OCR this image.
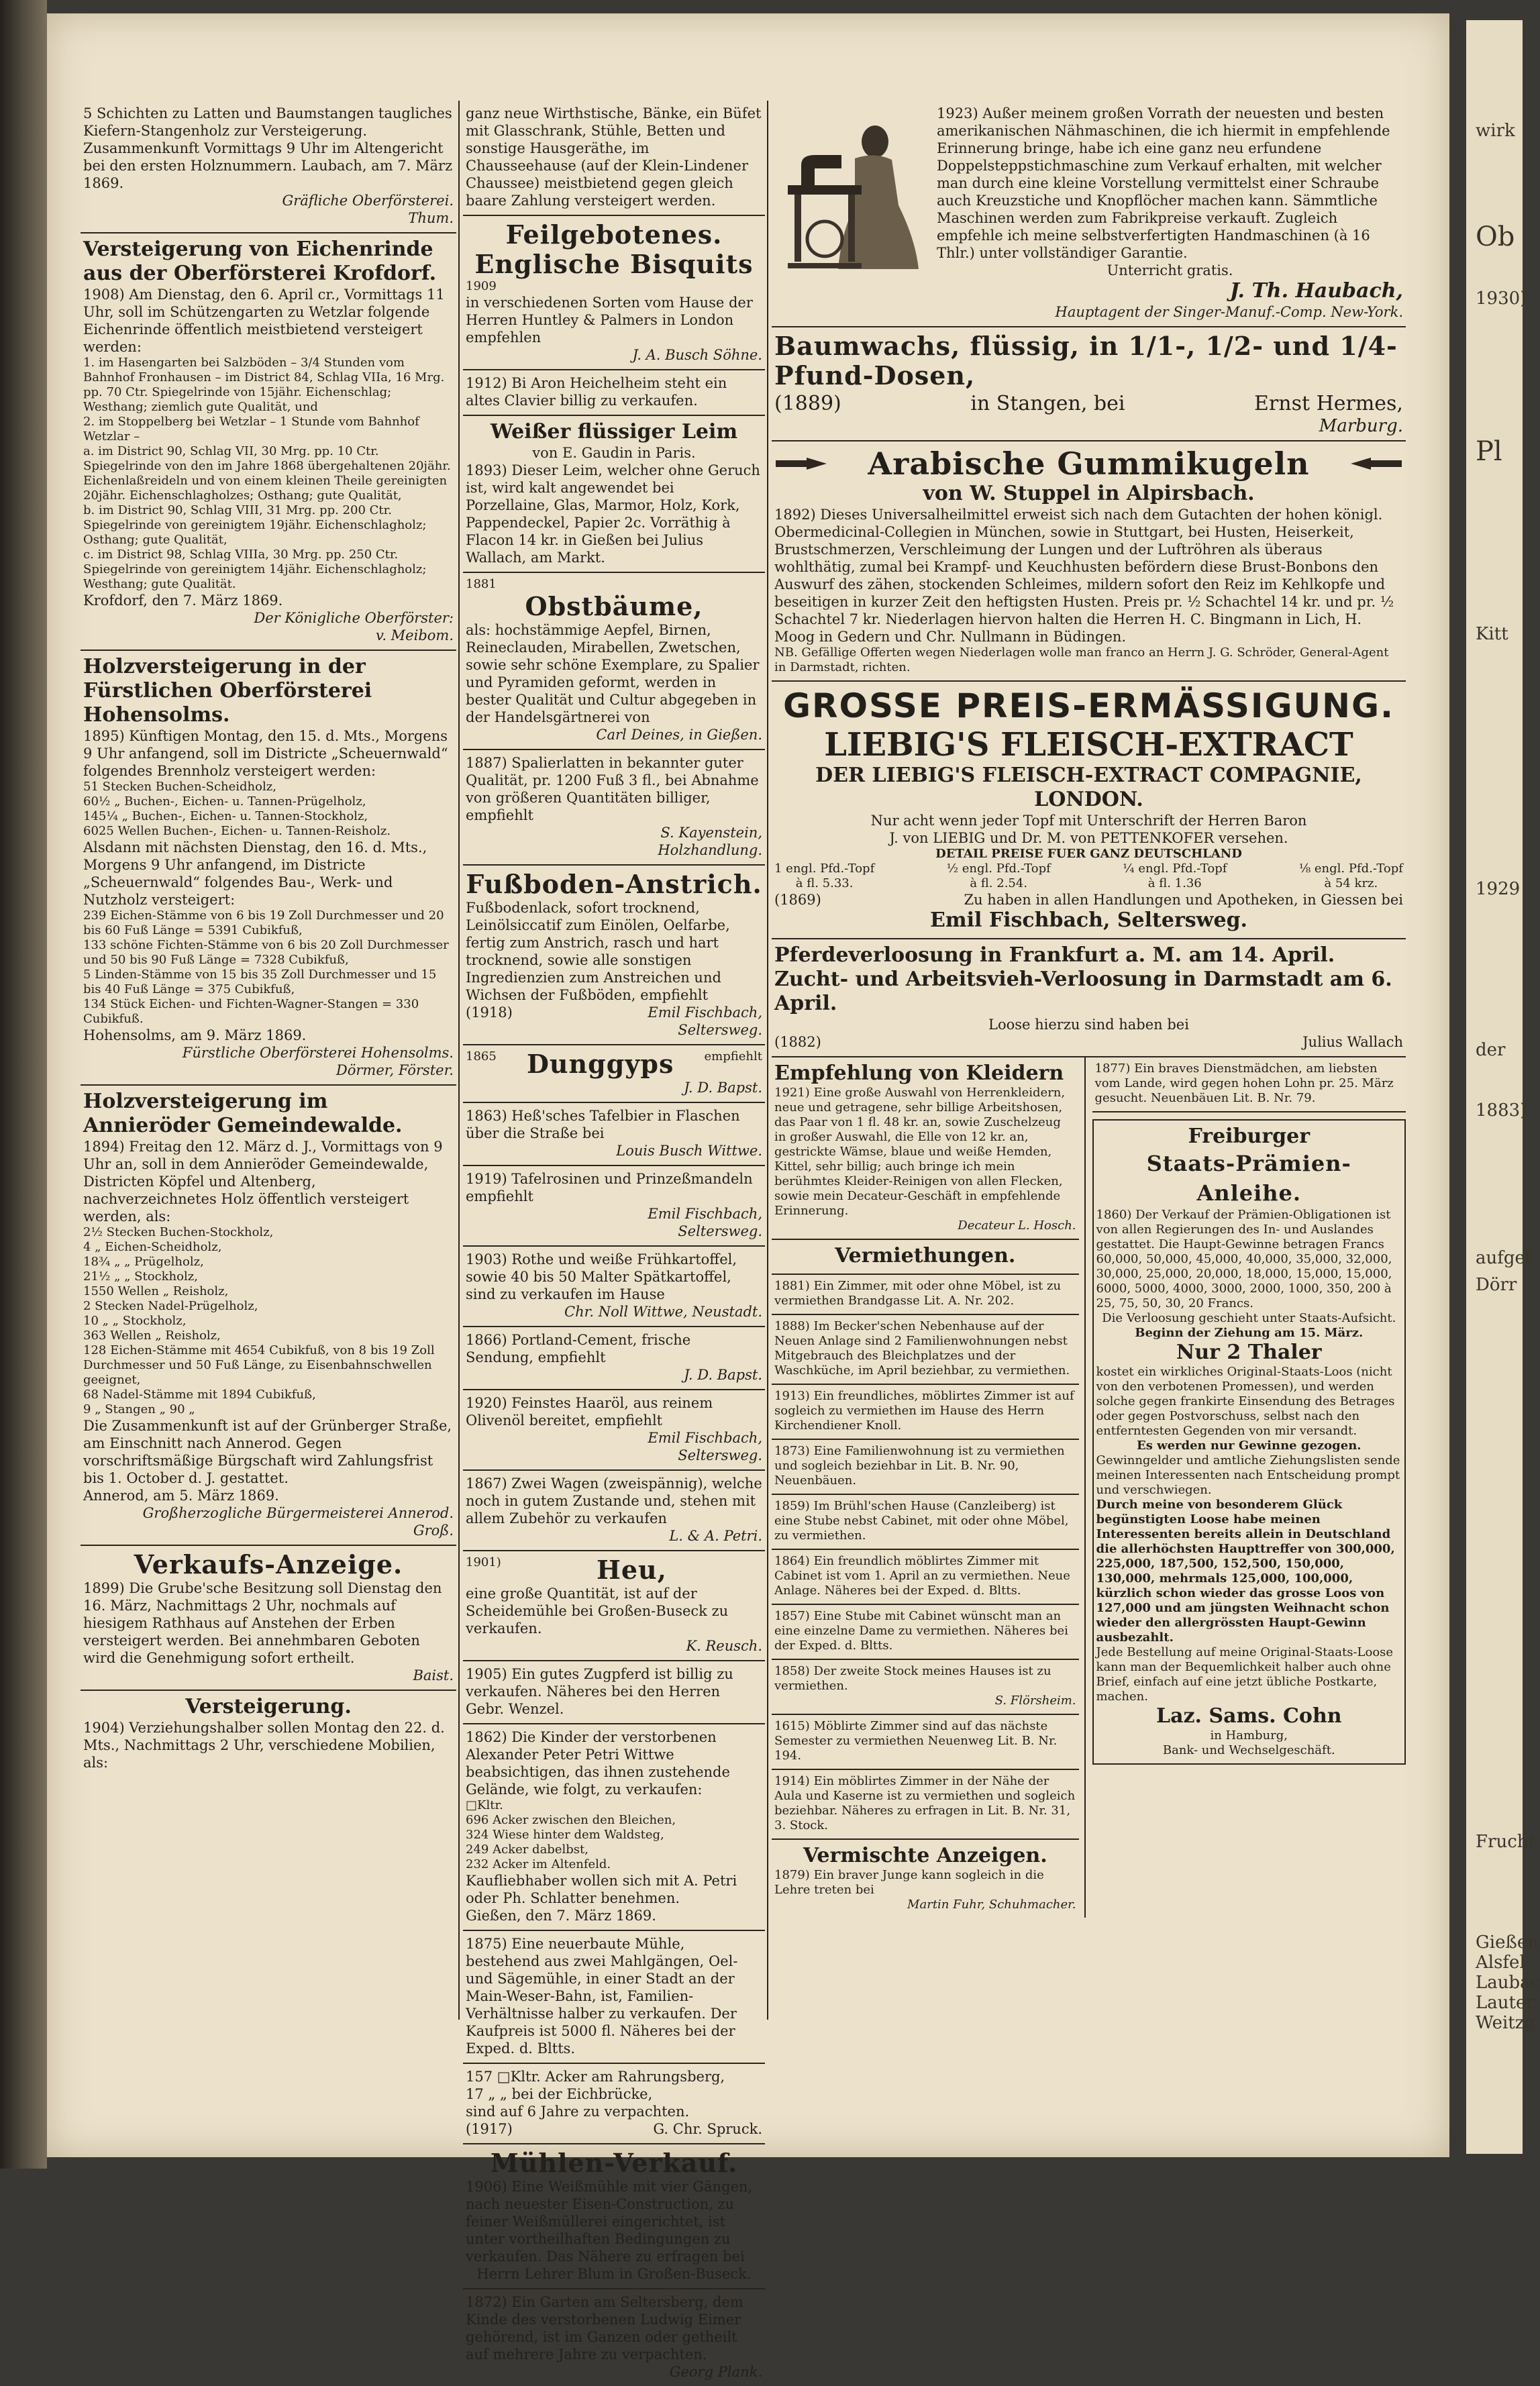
5 Schichten zu Latten und Baumstangen taugliches Kiefern-Stangenholz zur Versteigerung. Zusammenkunft Vormittags 9 Uhr im Altengericht bei den ersten Holznummern. Laubach, am 7. März 1869.

Gräfliche Oberförsterei.

Thum.

Versteigerung von Eichenrinde aus der Oberförsterei Krofdorf.

1908) Am Dienstag, den 6. April cr., Vormittags 11 Uhr, soll im Schützengarten zu Wetzlar folgende Eichenrinde öffentlich meistbietend versteigert werden:

1. im Hasengarten bei Salzböden – 3/4 Stunden vom Bahnhof Fronhausen – im District 84, Schlag VIIa, 16 Mrg. pp. 70 Ctr. Spiegelrinde von 15jähr. Eichenschlag; Westhang; ziemlich gute Qualität, und

2. im Stoppelberg bei Wetzlar – 1 Stunde vom Bahnhof Wetzlar –

a. im District 90, Schlag VII, 30 Mrg. pp. 10 Ctr. Spiegelrinde von den im Jahre 1868 übergehaltenen 20jähr. Eichenlaßreideln und von einem kleinen Theile gereinigten 20jähr. Eichenschlagholzes; Osthang; gute Qualität,

b. im District 90, Schlag VIII, 31 Mrg. pp. 200 Ctr. Spiegelrinde von gereinigtem 19jähr. Eichenschlagholz; Osthang; gute Qualität,

c. im District 98, Schlag VIIIa, 30 Mrg. pp. 250 Ctr. Spiegelrinde von gereinigtem 14jähr. Eichenschlagholz; Westhang; gute Qualität.

Krofdorf, den 7. März 1869.

Der Königliche Oberförster:

v. Meibom.

Holzversteigerung in der Fürstlichen Oberförsterei Hohensolms.

1895) Künftigen Montag, den 15. d. Mts., Morgens 9 Uhr anfangend, soll im Districte „Scheuernwald“ folgendes Brennholz versteigert werden:

51 Stecken Buchen-Scheidholz,

60½ „ Buchen-, Eichen- u. Tannen-Prügelholz,

145¼ „ Buchen-, Eichen- u. Tannen-Stockholz,

6025 Wellen Buchen-, Eichen- u. Tannen-Reisholz.

Alsdann mit nächsten Dienstag, den 16. d. Mts., Morgens 9 Uhr anfangend, im Districte „Scheuernwald“ folgendes Bau-, Werk- und Nutzholz versteigert:

239 Eichen-Stämme von 6 bis 19 Zoll Durchmesser und 20 bis 60 Fuß Länge = 5391 Cubikfuß,

133 schöne Fichten-Stämme von 6 bis 20 Zoll Durchmesser und 50 bis 90 Fuß Länge = 7328 Cubikfuß,

5 Linden-Stämme von 15 bis 35 Zoll Durchmesser und 15 bis 40 Fuß Länge = 375 Cubikfuß,

134 Stück Eichen- und Fichten-Wagner-Stangen = 330 Cubikfuß.

Hohensolms, am 9. März 1869.

Fürstliche Oberförsterei Hohensolms.

Dörmer, Förster.

Holzversteigerung im Annieröder Gemeindewalde.

1894) Freitag den 12. März d. J., Vormittags von 9 Uhr an, soll in dem Annieröder Gemeindewalde, Districten Köpfel und Altenberg, nachverzeichnetes Holz öffentlich versteigert werden, als:

2½ Stecken Buchen-Stockholz,

4 „ Eichen-Scheidholz,

18¾ „ „ Prügelholz,

21½ „ „ Stockholz,

1550 Wellen „ Reisholz,

2 Stecken Nadel-Prügelholz,

10 „ „ Stockholz,

363 Wellen „ Reisholz,

128 Eichen-Stämme mit 4654 Cubikfuß, von 8 bis 19 Zoll Durchmesser und 50 Fuß Länge, zu Eisenbahnschwellen geeignet,

68 Nadel-Stämme mit 1894 Cubikfuß,

9 „ Stangen „ 90 „

Die Zusammenkunft ist auf der Grünberger Straße, am Einschnitt nach Annerod. Gegen vorschriftsmäßige Bürgschaft wird Zahlungsfrist bis 1. October d. J. gestattet.

Annerod, am 5. März 1869.

Großherzogliche Bürgermeisterei Annerod.

Groß.

Verkaufs-Anzeige.

1899) Die Grube'sche Besitzung soll Dienstag den 16. März, Nachmittags 2 Uhr, nochmals auf hiesigem Rathhaus auf Anstehen der Erben versteigert werden. Bei annehmbaren Geboten wird die Genehmigung sofort ertheilt.

Baist.

Versteigerung.

1904) Verziehungshalber sollen Montag den 22. d. Mts., Nachmittags 2 Uhr, verschiedene Mobilien, als:

ganz neue Wirthstische, Bänke, ein Büfet mit Glasschrank, Stühle, Betten und sonstige Hausgeräthe, im Chausseehause (auf der Klein-Lindener Chaussee) meistbietend gegen gleich baare Zahlung versteigert werden.

Feilgebotenes.

Englische Bisquits

1909

in verschiedenen Sorten vom Hause der Herren Huntley & Palmers in London empfehlen

J. A. Busch Söhne.

1912) Bi Aron Heichelheim steht ein altes Clavier billig zu verkaufen.

Weißer flüssiger Leim

von E. Gaudin in Paris.

1893) Dieser Leim, welcher ohne Geruch ist, wird kalt angewendet bei Porzellaine, Glas, Marmor, Holz, Kork, Pappendeckel, Papier 2c. Vorräthig à Flacon 14 kr. in Gießen bei Julius Wallach, am Markt.

1881

Obstbäume,

als: hochstämmige Aepfel, Birnen, Reineclauden, Mirabellen, Zwetschen, sowie sehr schöne Exemplare, zu Spalier und Pyramiden geformt, werden in bester Qualität und Cultur abgegeben in der Handelsgärtnerei von

Carl Deines, in Gießen.

1887) Spalierlatten in bekannter guter Qualität, pr. 1200 Fuß 3 fl., bei Abnahme von größeren Quantitäten billiger, empfiehlt

S. Kayenstein,

Holzhandlung.

Fußboden-Anstrich.

Fußbodenlack, sofort trocknend, Leinölsiccatif zum Einölen, Oelfarbe, fertig zum Anstrich, rasch und hart trocknend, sowie alle sonstigen Ingredienzien zum Anstreichen und Wichsen der Fußböden, empfiehlt

(1918)	Emil Fischbach,

Seltersweg.

1865 Dunggyps	empfiehlt

J. D. Bapst.

1863) Heß'sches Tafelbier in Flaschen über die Straße bei

Louis Busch Wittwe.

1919) Tafelrosinen und Prinzeßmandeln empfiehlt

Emil Fischbach,

Seltersweg.

1903) Rothe und weiße Frühkartoffel, sowie 40 bis 50 Malter Spätkartoffel, sind zu verkaufen im Hause

Chr. Noll Wittwe, Neustadt.

1866) Portland-Cement, frische Sendung, empfiehlt

J. D. Bapst.

1920) Feinstes Haaröl, aus reinem Olivenöl bereitet, empfiehlt

Emil Fischbach,

Seltersweg.

1867) Zwei Wagen (zweispännig), welche noch in gutem Zustande und, stehen mit allem Zubehör zu verkaufen

L. & A. Petri.

1901)	Heu,

eine große Quantität, ist auf der Scheidemühle bei Großen-Buseck zu verkaufen.

K. Reusch.

1905) Ein gutes Zugpferd ist billig zu verkaufen. Näheres bei den Herren Gebr. Wenzel.

1862) Die Kinder der verstorbenen Alexander Peter Petri Wittwe beabsichtigen, das ihnen zustehende Gelände, wie folgt, zu verkaufen:

□Kltr.

696 Acker zwischen den Bleichen,

324 Wiese hinter dem Waldsteg,

249 Acker dabelbst,

232 Acker im Altenfeld.

Kaufliebhaber wollen sich mit A. Petri oder Ph. Schlatter benehmen.

Gießen, den 7. März 1869.

1875) Eine neuerbaute Mühle, bestehend aus zwei Mahlgängen, Oel- und Sägemühle, in einer Stadt an der Main-Weser-Bahn, ist, Familien-Verhältnisse halber zu verkaufen. Der Kaufpreis ist 5000 fl. Näheres bei der Exped. d. Bltts.

157 □Kltr. Acker am Rahrungsberg,

17 „ „ bei der Eichbrücke,

sind auf 6 Jahre zu verpachten.

(1917)	G. Chr. Spruck.

Mühlen-Verkauf.

1906) Eine Weißmühle mit vier Gängen, nach neuester Eisen-Construction, zu feiner Weißmüllerei eingerichtet, ist unter vortheilhaften Bedingungen zu verkaufen. Das Nähere zu erfragen bei

Herrn Lehrer Blum in Großen-Buseck.

1872) Ein Garten am Seltersberg, dem Kinde des verstorbenen Ludwig Eimer gehörend, ist im Ganzen oder getheilt auf mehrere Jahre zu verpachten.

Georg Plank.

1923) Außer meinem großen Vorrath der neuesten und besten amerikanischen Nähmaschinen, die ich hiermit in empfehlende Erinnerung bringe, habe ich eine ganz neu erfundene Doppelsteppstichmaschine zum Verkauf erhalten, mit welcher man durch eine kleine Vorstellung vermittelst einer Schraube auch Kreuzstiche und Knopflöcher machen kann. Sämmtliche Maschinen werden zum Fabrikpreise verkauft. Zugleich empfehle ich meine selbstverfertigten Handmaschinen (à 16 Thlr.) unter vollständiger Garantie.

Unterricht gratis.

J. Th. Haubach,

Hauptagent der Singer-Manuf.-Comp. New-York.

Baumwachs, flüssig, in 1/1-, 1/2- und 1/4-Pfund-Dosen,

(1889)	in Stangen, bei	Ernst Hermes,

Marburg.

Arabische Gummikugeln

von W. Stuppel in Alpirsbach.

1892) Dieses Universalheilmittel erweist sich nach dem Gutachten der hohen königl. Obermedicinal-Collegien in München, sowie in Stuttgart, bei Husten, Heiserkeit, Brustschmerzen, Verschleimung der Lungen und der Luftröhren als überaus wohlthätig, zumal bei Krampf- und Keuchhusten befördern diese Brust-Bonbons den Auswurf des zähen, stockenden Schleimes, mildern sofort den Reiz im Kehlkopfe und beseitigen in kurzer Zeit den heftigsten Husten. Preis pr. ½ Schachtel 14 kr. und pr. ½ Schachtel 7 kr. Niederlagen hiervon halten die Herren H. C. Bingmann in Lich, H. Moog in Gedern und Chr. Nullmann in Büdingen.

NB. Gefällige Offerten wegen Niederlagen wolle man franco an Herrn J. G. Schröder, General-Agent in Darmstadt, richten.

GROSSE PREIS-ERMÄSSIGUNG.

LIEBIG'S FLEISCH-EXTRACT

DER LIEBIG'S FLEISCH-EXTRACT COMPAGNIE, LONDON.

Nur acht wenn jeder Topf mit Unterschrift der Herren Baron

J. von LIEBIG und Dr. M. von PETTENKOFER versehen.

DETAIL PREISE FUER GANZ DEUTSCHLAND

1 engl. Pfd.-Topf
à fl. 5.33.
½ engl. Pfd.-Topf
à fl. 2.54.
¼ engl. Pfd.-Topf
à fl. 1.36
⅛ engl. Pfd.-Topf
à 54 krz.
(1869)	Zu haben in allen Handlungen und Apotheken, in Giessen bei

Emil Fischbach, Seltersweg.

Pferdeverloosung in Frankfurt a. M. am 14. April.

Zucht- und Arbeitsvieh-Verloosung in Darmstadt am 6. April.

Loose hierzu sind haben bei

(1882)	Julius Wallach

Empfehlung von Kleidern

1921) Eine große Auswahl von Herrenkleidern, neue und getragene, sehr billige Arbeitshosen, das Paar von 1 fl. 48 kr. an, sowie Zuschelzeug in großer Auswahl, die Elle von 12 kr. an, gestrickte Wämse, blaue und weiße Hemden, Kittel, sehr billig; auch bringe ich mein berühmtes Kleider-Reinigen von allen Flecken, sowie mein Decateur-Geschäft in empfehlende Erinnerung.

Decateur L. Hosch.

Vermiethungen.

1881) Ein Zimmer, mit oder ohne Möbel, ist zu vermiethen Brandgasse Lit. A. Nr. 202.

1888) Im Becker'schen Nebenhause auf der Neuen Anlage sind 2 Familienwohnungen nebst Mitgebrauch des Bleichplatzes und der Waschküche, im April beziehbar, zu vermiethen.

1913) Ein freundliches, möblirtes Zimmer ist auf sogleich zu vermiethen im Hause des Herrn Kirchendiener Knoll.

1873) Eine Familienwohnung ist zu vermiethen und sogleich beziehbar in Lit. B. Nr. 90, Neuenbäuen.

1859) Im Brühl'schen Hause (Canzleiberg) ist eine Stube nebst Cabinet, mit oder ohne Möbel, zu vermiethen.

1864) Ein freundlich möblirtes Zimmer mit Cabinet ist vom 1. April an zu vermiethen. Neue Anlage. Näheres bei der Exped. d. Bltts.

1857) Eine Stube mit Cabinet wünscht man an eine einzelne Dame zu vermiethen. Näheres bei der Exped. d. Bltts.

1858) Der zweite Stock meines Hauses ist zu vermiethen.

S. Flörsheim.

1615) Möblirte Zimmer sind auf das nächste Semester zu vermiethen Neuenweg Lit. B. Nr. 194.

1914) Ein möblirtes Zimmer in der Nähe der Aula und Kaserne ist zu vermiethen und sogleich beziehbar. Näheres zu erfragen in Lit. B. Nr. 31, 3. Stock.

Vermischte Anzeigen.

1879) Ein braver Junge kann sogleich in die Lehre treten bei

Martin Fuhr, Schuhmacher.

1877) Ein braves Dienstmädchen, am liebsten vom Lande, wird gegen hohen Lohn pr. 25. März gesucht. Neuenbäuen Lit. B. Nr. 79.

Freiburger

Staats-Prämien-Anleihe.

1860) Der Verkauf der Prämien-Obligationen ist von allen Regierungen des In- und Auslandes gestattet. Die Haupt-Gewinne betragen Francs 60,000, 50,000, 45,000, 40,000, 35,000, 32,000, 30,000, 25,000, 20,000, 18,000, 15,000, 15,000, 6000, 5000, 4000, 3000, 2000, 1000, 350, 200 à 25, 75, 50, 30, 20 Francs.

Die Verloosung geschieht unter Staats-Aufsicht.

Beginn der Ziehung am 15. März.

Nur 2 Thaler

kostet ein wirkliches Original-Staats-Loos (nicht von den verbotenen Promessen), und werden solche gegen frankirte Einsendung des Betrages oder gegen Postvorschuss, selbst nach den entferntesten Gegenden von mir versandt.

Es werden nur Gewinne gezogen.

Gewinngelder und amtliche Ziehungslisten sende meinen Interessenten nach Entscheidung prompt und verschwiegen.

Durch meine von besonderem Glück begünstigten Loose habe meinen Interessenten bereits allein in Deutschland die allerhöchsten Haupttreffer von 300,000, 225,000, 187,500, 152,500, 150,000, 130,000, mehrmals 125,000, 100,000, kürzlich schon wieder das grosse Loos von 127,000 und am jüngsten Weihnacht schon wieder den allergrössten Haupt-Gewinn ausbezahlt.

Jede Bestellung auf meine Original-Staats-Loose kann man der Bequemlichkeit halber auch ohne Brief, einfach auf eine jetzt übliche Postkarte, machen.

Laz. Sams. Cohn

in Hamburg,

Bank- und Wechselgeschäft.

wirk
Ob
1930)
Pl
Kitt
1929
der
1883)
aufget
Dörr
Frucht
Gießen
Alsfel
Laubac
Lauter
Weitzg
